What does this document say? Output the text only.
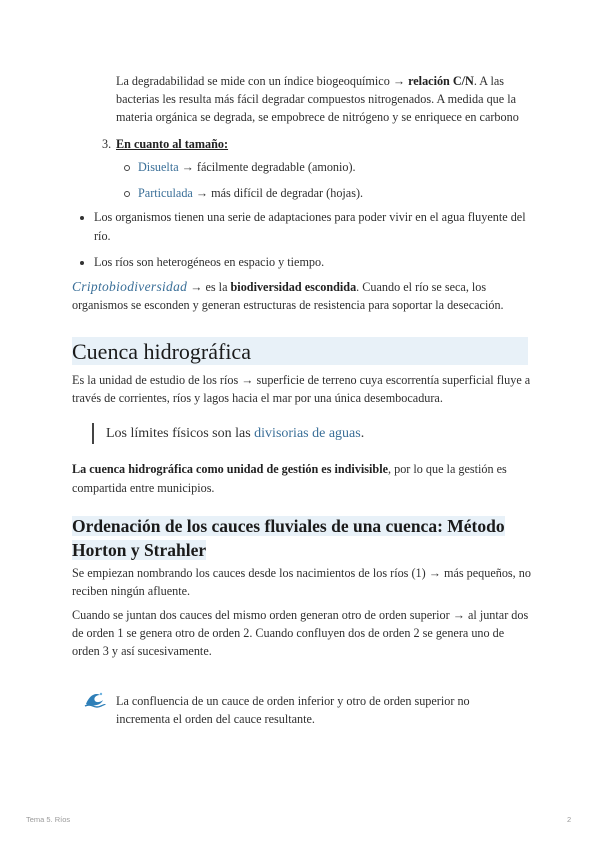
La degradabilidad se mide con un índice biogeoquímico → relación C/N. A las

bacterias les resulta más fácil degradar compuestos nitrogenados. A medida que la

materia orgánica se degrada, se empobrece de nitrógeno y se enriquece en carbono

3. En cuanto al tamaño:

Disuelta → fácilmente degradable (amonio).

Particulada → más difícil de degradar (hojas).

Los organismos tienen una serie de adaptaciones para poder vivir en el agua fluyente del

río.

Los ríos son heterogéneos en espacio y tiempo.

Criptobiodiversidad → es la biodiversidad escondida. Cuando el río se seca, los

organismos se esconden y generan estructuras de resistencia para soportar la desecación.

Cuenca hidrográfica

Es la unidad de estudio de los ríos → superficie de terreno cuya escorrentía superficial fluye a

través de corrientes, ríos y lagos hacia el mar por una única desembocadura.

Los límites físicos son las divisorias de aguas.

La cuenca hidrográfica como unidad de gestión es indivisible, por lo que la gestión es

compartida entre municipios.

Ordenación de los cauces fluviales de una cuenca: Método
Horton y Strahler

Se empiezan nombrando los cauces desde los nacimientos de los ríos (1) → más pequeños, no

reciben ningún afluente.

Cuando se juntan dos cauces del mismo orden generan otro de orden superior → al juntar dos

de orden 1 se genera otro de orden 2. Cuando confluyen dos de orden 2 se genera uno de

orden 3 y así sucesivamente.

La confluencia de un cauce de orden inferior y otro de orden superior no

incrementa el orden del cauce resultante.

Tema 5. Ríos	2
